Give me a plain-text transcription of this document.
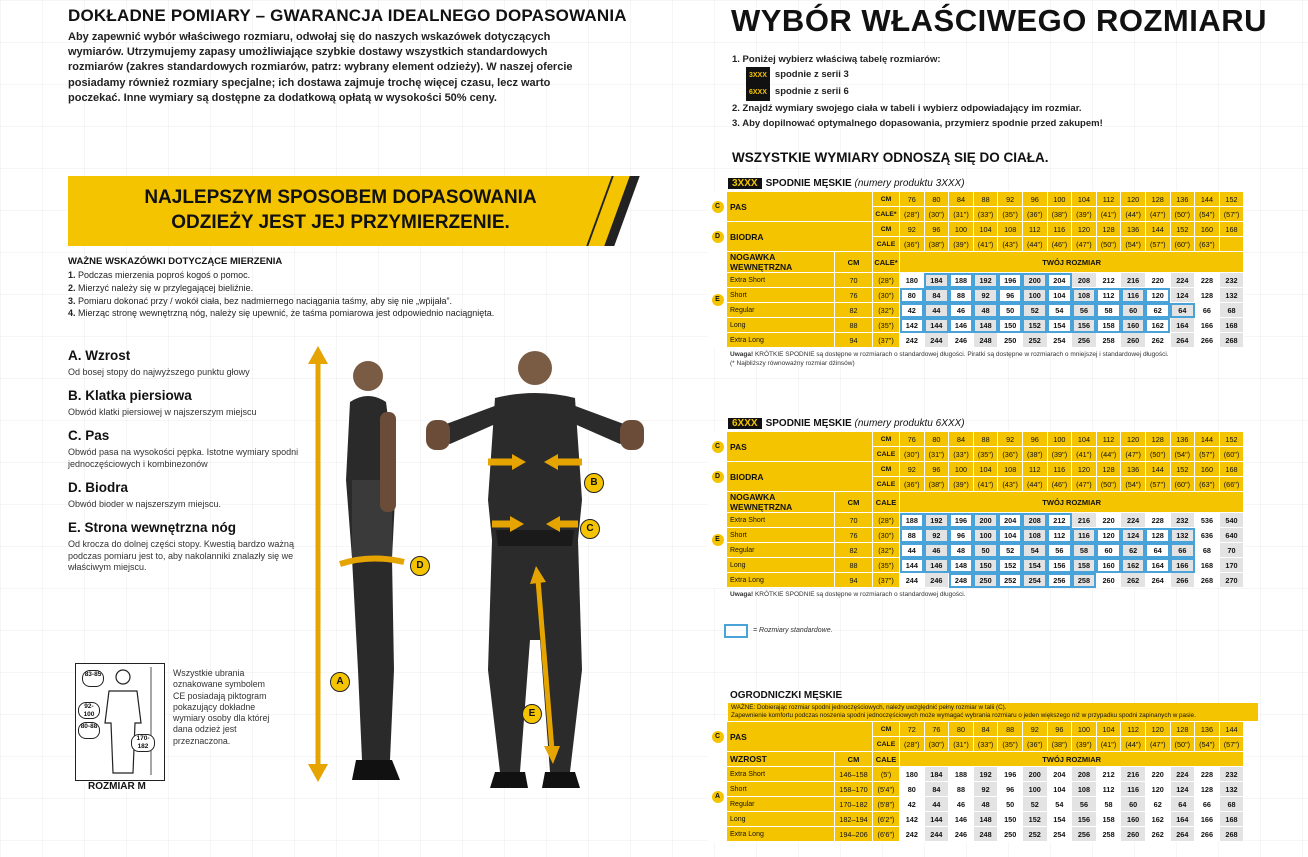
DOKŁADNE POMIARY – GWARANCJA IDEALNEGO DOPASOWANIA
Aby zapewnić wybór właściwego rozmiaru, odwołaj się do naszych wskazówek dotyczących wymiarów. Utrzymujemy zapasy umożliwiające szybkie dostawy wszystkich standardowych rozmiarów (zakres standardowych rozmiarów, patrz: wybrany element odzieży). W naszej ofercie posiadamy również rozmiary specjalne; ich dostawa zajmuje trochę więcej czasu, lecz warto poczekać. Inne wymiary są dostępne za dodatkową opłatą w wysokości 50% ceny.
NAJLEPSZYM SPOSOBEM DOPASOWANIA
ODZIEŻY JEST JEJ PRZYMIERZENIE.
WAŻNE WSKAZÓWKI DOTYCZĄCE MIERZENIA
1. Podczas mierzenia poproś kogoś o pomoc.
2. Mierzyć należy się w przylegającej bieliźnie.
3. Pomiaru dokonać przy / wokół ciała, bez nadmiernego naciągania taśmy, aby się nie „wpijała”.
4. Mierząc stronę wewnętrzną nóg, należy się upewnić, że taśma pomiarowa jest odpowiednio naciągnięta.
A. Wzrost
Od bosej stopy do najwyższego punktu głowy
B. Klatka piersiowa
Obwód klatki piersiowej w najszerszym miejscu
C. Pas
Obwód pasa na wysokości pępka. Istotne wymiary spodni jednoczęściowych i kombinezonów
D. Biodra
Obwód bioder w najszerszym miejscu.
E. Strona wewnętrzna nóg
Od krocza do dolnej części stopy. Kwestią bardzo ważną podczas pomiaru jest to, aby nakolanniki znalazły się we właściwym miejscu.
83-85
92-100
80-88
170-182
Wszystkie ubrania oznakowane symbolem CE posiadają piktogram pokazujący dokładne wymiary osoby dla której dana odzież jest przeznaczona.
ROZMIAR M
A
B
C
D
E
WYBÓR WŁAŚCIWEGO ROZMIARU
1. Poniżej wybierz właściwą tabelę rozmiarów:
3XXX spodnie z serii 3
6XXX spodnie z serii 6
2. Znajdź wymiary swojego ciała w tabeli i wybierz odpowiadający im rozmiar.
3. Aby dopilnować optymalnego dopasowania, przymierz spodnie przed zakupem!
WSZYSTKIE WYMIARY ODNOSZĄ SIĘ DO CIAŁA.
3XXX SPODNIE MĘSKIE (numery produktu 3XXX)
C	PAS		CM	76	80	84	88	92	96	100	104	112	120	128	136	144	152
			CALE*	(28")	(30")	(31")	(33")	(35")	(36")	(38")	(39")	(41")	(44")	(47")	(50")	(54")	(57")
D	BIODRA		CM	92	96	100	104	108	112	116	120	128	136	144	152	160	168
			CALE	(36")	(38")	(39")	(41")	(43")	(44")	(46")	(47")	(50")	(54")	(57")	(60")	(63")	
E	NOGAWKA WEWNĘTRZNA	CM	CALE*	TWÓJ ROZMIAR													
	Extra Short	70	(28")	180	184	188	192	196	200	204	208	212	216	220	224	228	232
	Short	76	(30")	80	84	88	92	96	100	104	108	112	116	120	124	128	132
	Regular	82	(32")	42	44	46	48	50	52	54	56	58	60	62	64	66	68
	Long	88	(35")	142	144	146	148	150	152	154	156	158	160	162	164	166	168
	Extra Long	94	(37")	242	244	246	248	250	252	254	256	258	260	262	264	266	268
Uwaga! KRÓTKIE SPODNIE są dostępne w rozmiarach o standardowej długości. Piratki są dostępne w rozmiarach o mniejszej i standardowej długości.
(* Najbliższy równoważny rozmiar dżinsów)
6XXX SPODNIE MĘSKIE (numery produktu 6XXX)
C	PAS		CM	76	80	84	88	92	96	100	104	112	120	128	136	144	152
			CALE	(30")	(31")	(33")	(35")	(36")	(38")	(39")	(41")	(44")	(47")	(50")	(54")	(57")	(60")
D	BIODRA		CM	92	96	100	104	108	112	116	120	128	136	144	152	160	168
			CALE	(36")	(38")	(39")	(41")	(43")	(44")	(46")	(47")	(50")	(54")	(57")	(60")	(63")	(66")
E	NOGAWKA WEWNĘTRZNA	CM	CALE	TWÓJ ROZMIAR													
	Extra Short	70	(28")	188	192	196	200	204	208	212	216	220	224	228	232	536	540
	Short	76	(30")	88	92	96	100	104	108	112	116	120	124	128	132	636	640
	Regular	82	(32")	44	46	48	50	52	54	56	58	60	62	64	66	68	70
	Long	88	(35")	144	146	148	150	152	154	156	158	160	162	164	166	168	170
	Extra Long	94	(37")	244	246	248	250	252	254	256	258	260	262	264	266	268	270
Uwaga! KRÓTKIE SPODNIE są dostępne w rozmiarach o standardowej długości.
= Rozmiary standardowe.
OGRODNICZKI MĘSKIE
WAŻNE: Dobierając rozmiar spodni jednoczęściowych, należy uwzględnić pełny rozmiar w talii (C).
Zapewnienie komfortu podczas noszenia spodni jednoczęściowych może wymagać wybrania rozmiaru o jeden większego niż w przypadku spodni zapinanych w pasie.
C	PAS		CM	72	76	80	84	88	92	96	100	104	112	120	128	136	144
			CALE	(28")	(30")	(31")	(33")	(35")	(36")	(38")	(39")	(41")	(44")	(47")	(50")	(54")	(57")
A	WZROST	CM	CALE	TWÓJ ROZMIAR													
	Extra Short	146–158	(5')	180	184	188	192	196	200	204	208	212	216	220	224	228	232
	Short	158–170	(5'4")	80	84	88	92	96	100	104	108	112	116	120	124	128	132
	Regular	170–182	(5'8")	42	44	46	48	50	52	54	56	58	60	62	64	66	68
	Long	182–194	(6'2")	142	144	146	148	150	152	154	156	158	160	162	164	166	168
	Extra Long	194–206	(6'6")	242	244	246	248	250	252	254	256	258	260	262	264	266	268
